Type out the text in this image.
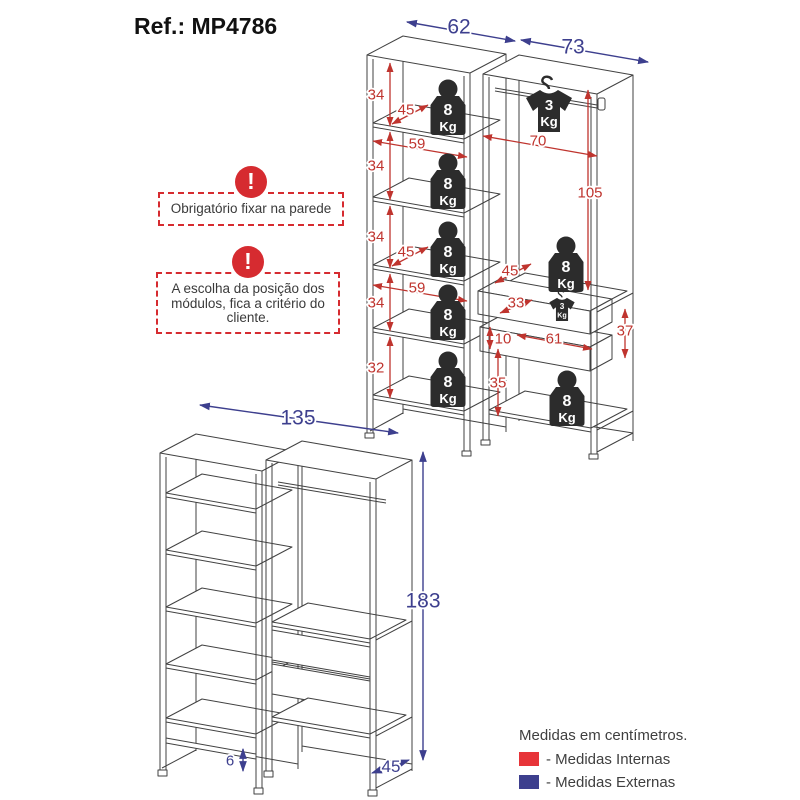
Ref.: MP4786
!
Obrigatório fixar na parede
!
A escolha da posição dos módulos, fica a critério do cliente.
62
34
34
34
34
32
59
59
45
45
8
Kg
8
Kg
8
Kg
8
Kg
8
Kg
73
70
105
45
33
10 61	37
35
3
Kg
8
Kg
3
Kg
8
Kg
135
183
6	45
Medidas em centímetros.
- Medidas Internas
- Medidas Externas
